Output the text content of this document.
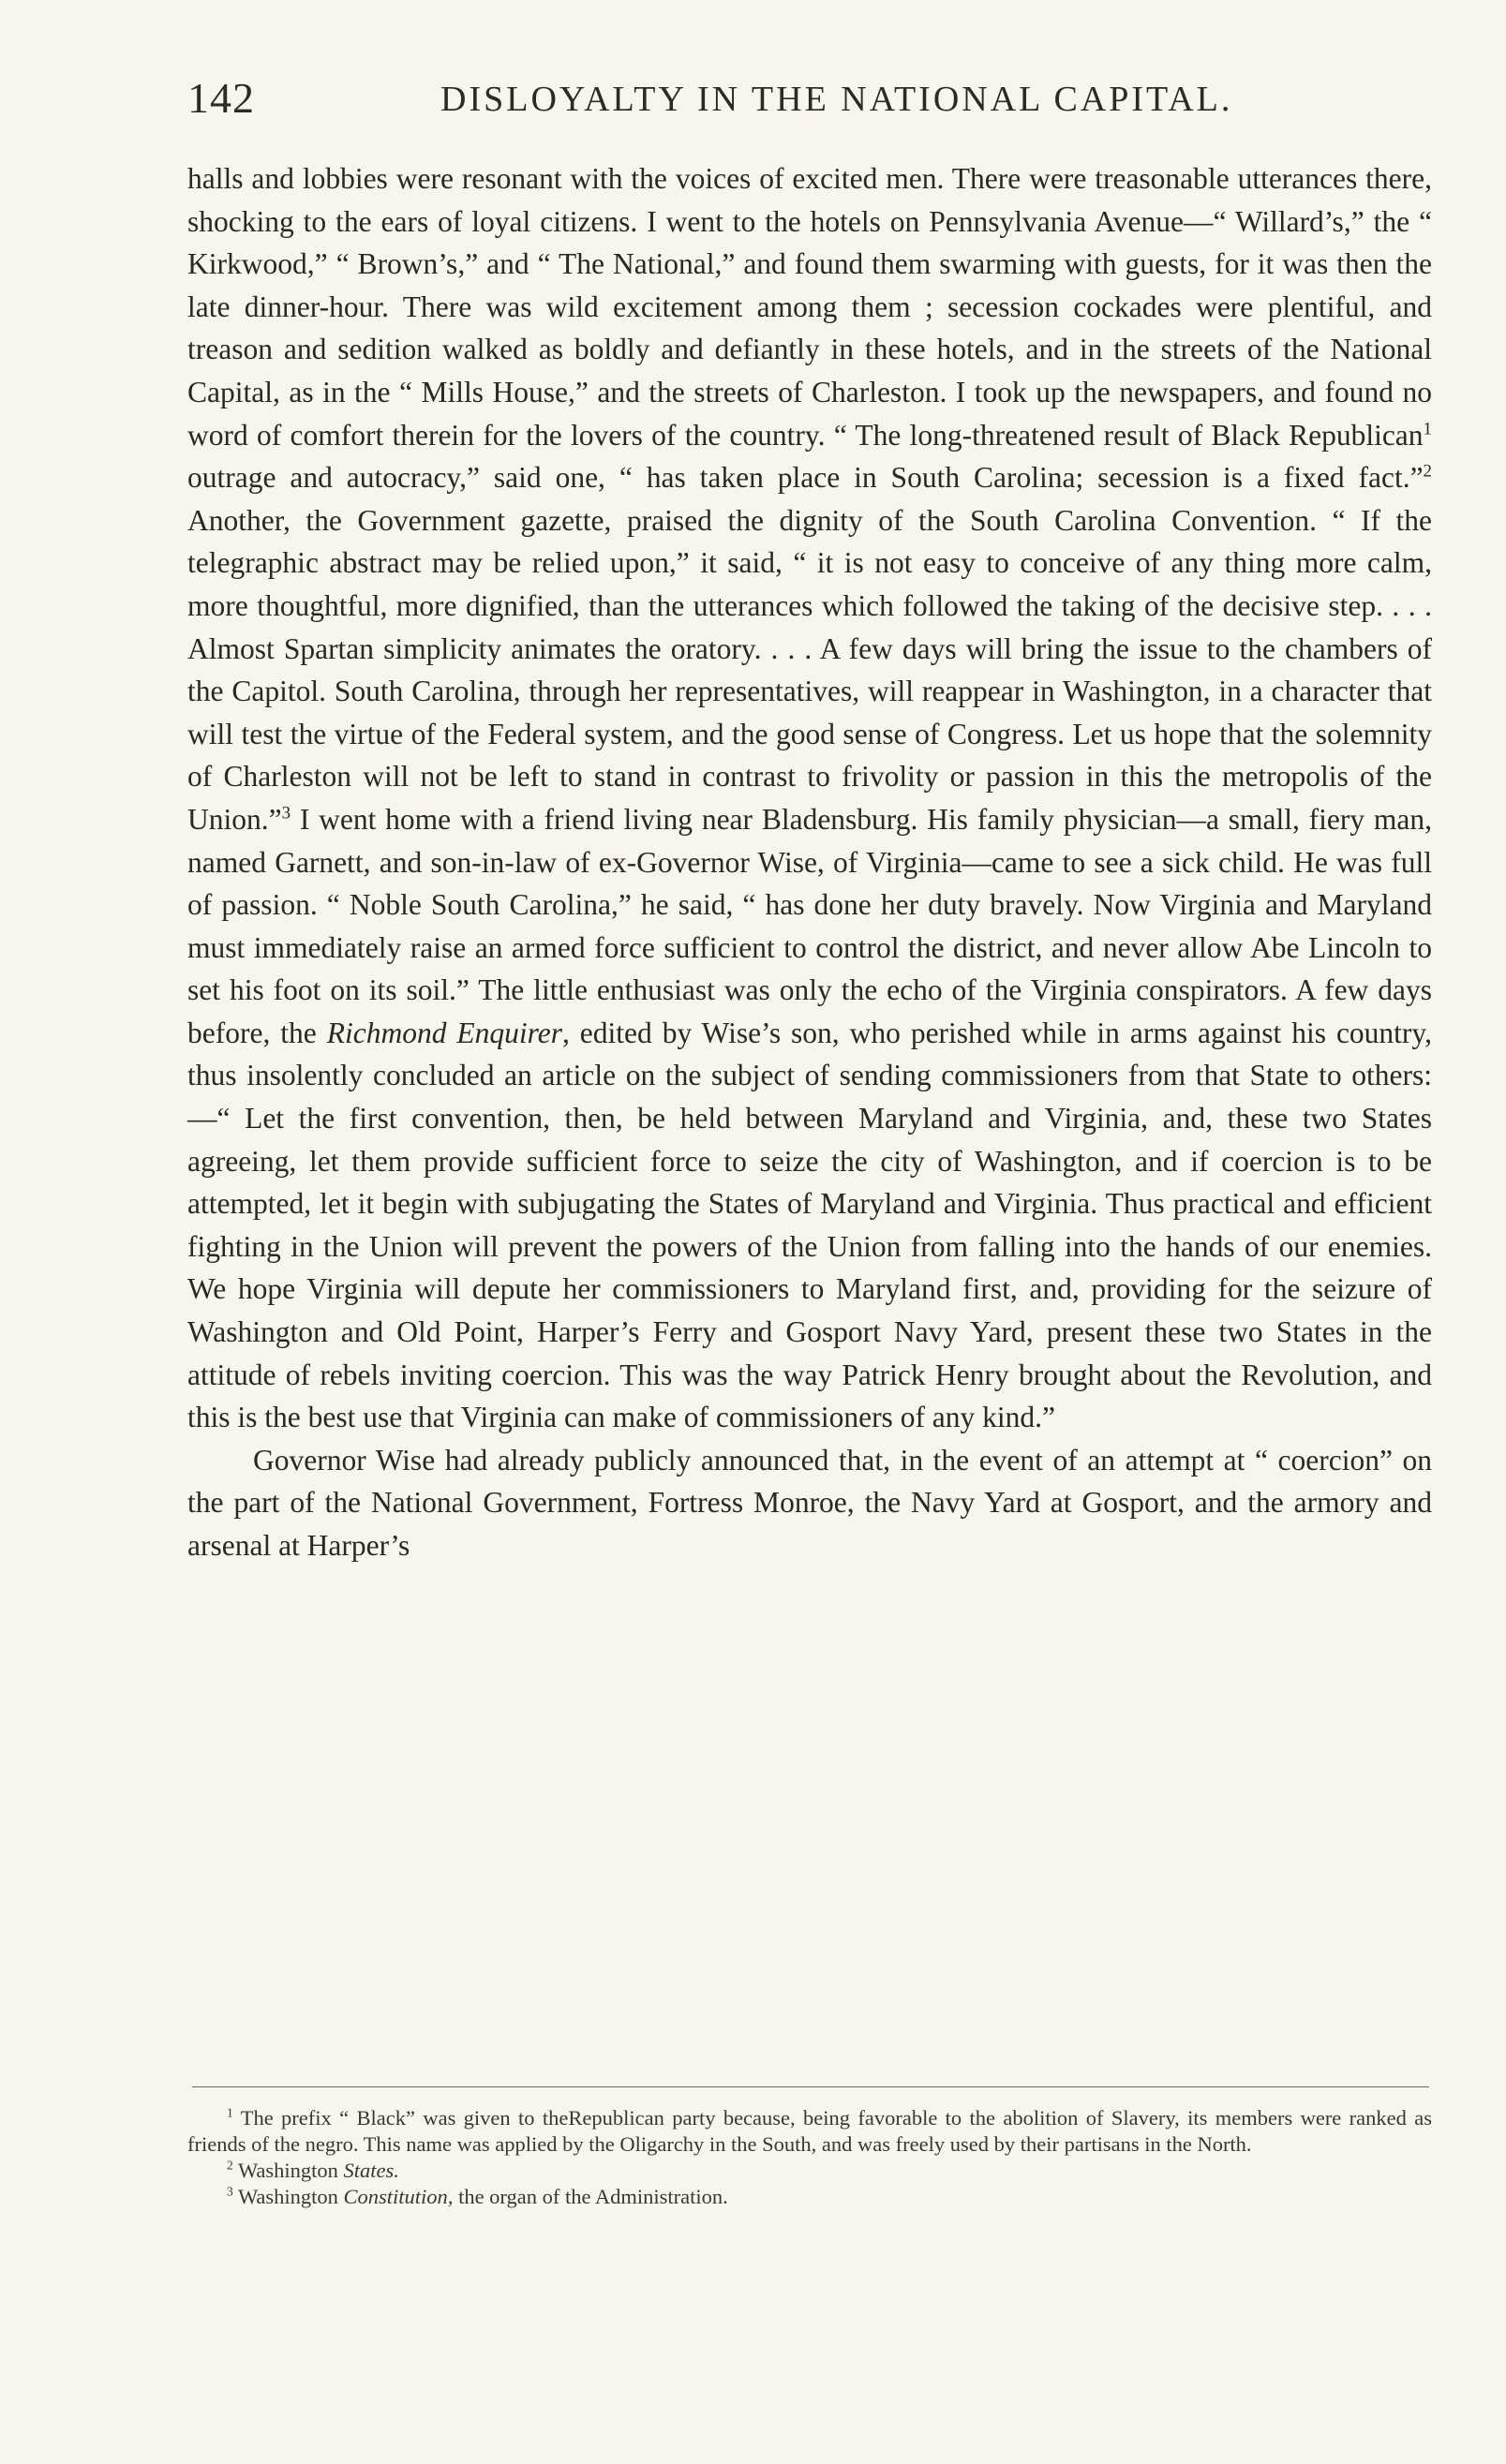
142	DISLOYALTY IN THE NATIONAL CAPITAL.

halls and lobbies were resonant with the voices of excited men. There were treasonable utterances there, shocking to the ears of loyal citizens. I went to the hotels on Pennsylvania Avenue—“ Willard’s,” the “ Kirkwood,” “ Brown’s,” and “ The National,” and found them swarming with guests, for it was then the late dinner-hour. There was wild excitement among them ; secession cockades were plentiful, and treason and sedition walked as boldly and defiantly in these hotels, and in the streets of the National Capital, as in the “ Mills House,” and the streets of Charleston. I took up the newspapers, and found no word of comfort therein for the lovers of the country. “ The long-threatened result of Black Republican$^1$ outrage and autocracy,” said one, “ has taken place in South Carolina; secession is a fixed fact.”$^2$ Another, the Government gazette, praised the dignity of the South Carolina Convention. “ If the telegraphic abstract may be relied upon,” it said, “ it is not easy to conceive of any thing more calm, more thoughtful, more dignified, than the utterances which followed the taking of the decisive step. . . . Almost Spartan simplicity animates the oratory. . . . A few days will bring the issue to the chambers of the Capitol. South Carolina, through her representatives, will reappear in Washington, in a character that will test the virtue of the Federal system, and the good sense of Congress. Let us hope that the solemnity of Charleston will not be left to stand in contrast to frivolity or passion in this the metropolis of the Union.”$^3$ I went home with a friend living near Bladensburg. His family physician—a small, fiery man, named Garnett, and son-in-law of ex-Governor Wise, of Virginia—came to see a sick child. He was full of passion. “ Noble South Carolina,” he said, “ has done her duty bravely. Now Virginia and Maryland must immediately raise an armed force sufficient to control the district, and never allow Abe Lincoln to set his foot on its soil.” The little enthusiast was only the echo of the Virginia conspirators. A few days before, the Richmond Enquirer, edited by Wise’s son, who perished while in arms against his country, thus insolently concluded an article on the subject of sending commissioners from that State to others: —“ Let the first convention, then, be held between Maryland and Virginia, and, these two States agreeing, let them provide sufficient force to seize the city of Washington, and if coercion is to be attempted, let it begin with subjugating the States of Maryland and Virginia. Thus practical and efficient fighting in the Union will prevent the powers of the Union from falling into the hands of our enemies. We hope Virginia will depute her commissioners to Maryland first, and, providing for the seizure of Washington and Old Point, Harper’s Ferry and Gosport Navy Yard, present these two States in the attitude of rebels inviting coercion. This was the way Patrick Henry brought about the Revolution, and this is the best use that Virginia can make of commissioners of any kind.”

Governor Wise had already publicly announced that, in the event of an attempt at “ coercion” on the part of the National Government, Fortress Monroe, the Navy Yard at Gosport, and the armory and arsenal at Harper’s

$^1$ The prefix “ Black” was given to theRepublican party because, being favorable to the abolition of Slavery, its members were ranked as friends of the negro. This name was applied by the Oligarchy in the South, and was freely used by their partisans in the North.

$^2$ Washington States.

$^3$ Washington Constitution, the organ of the Administration.
